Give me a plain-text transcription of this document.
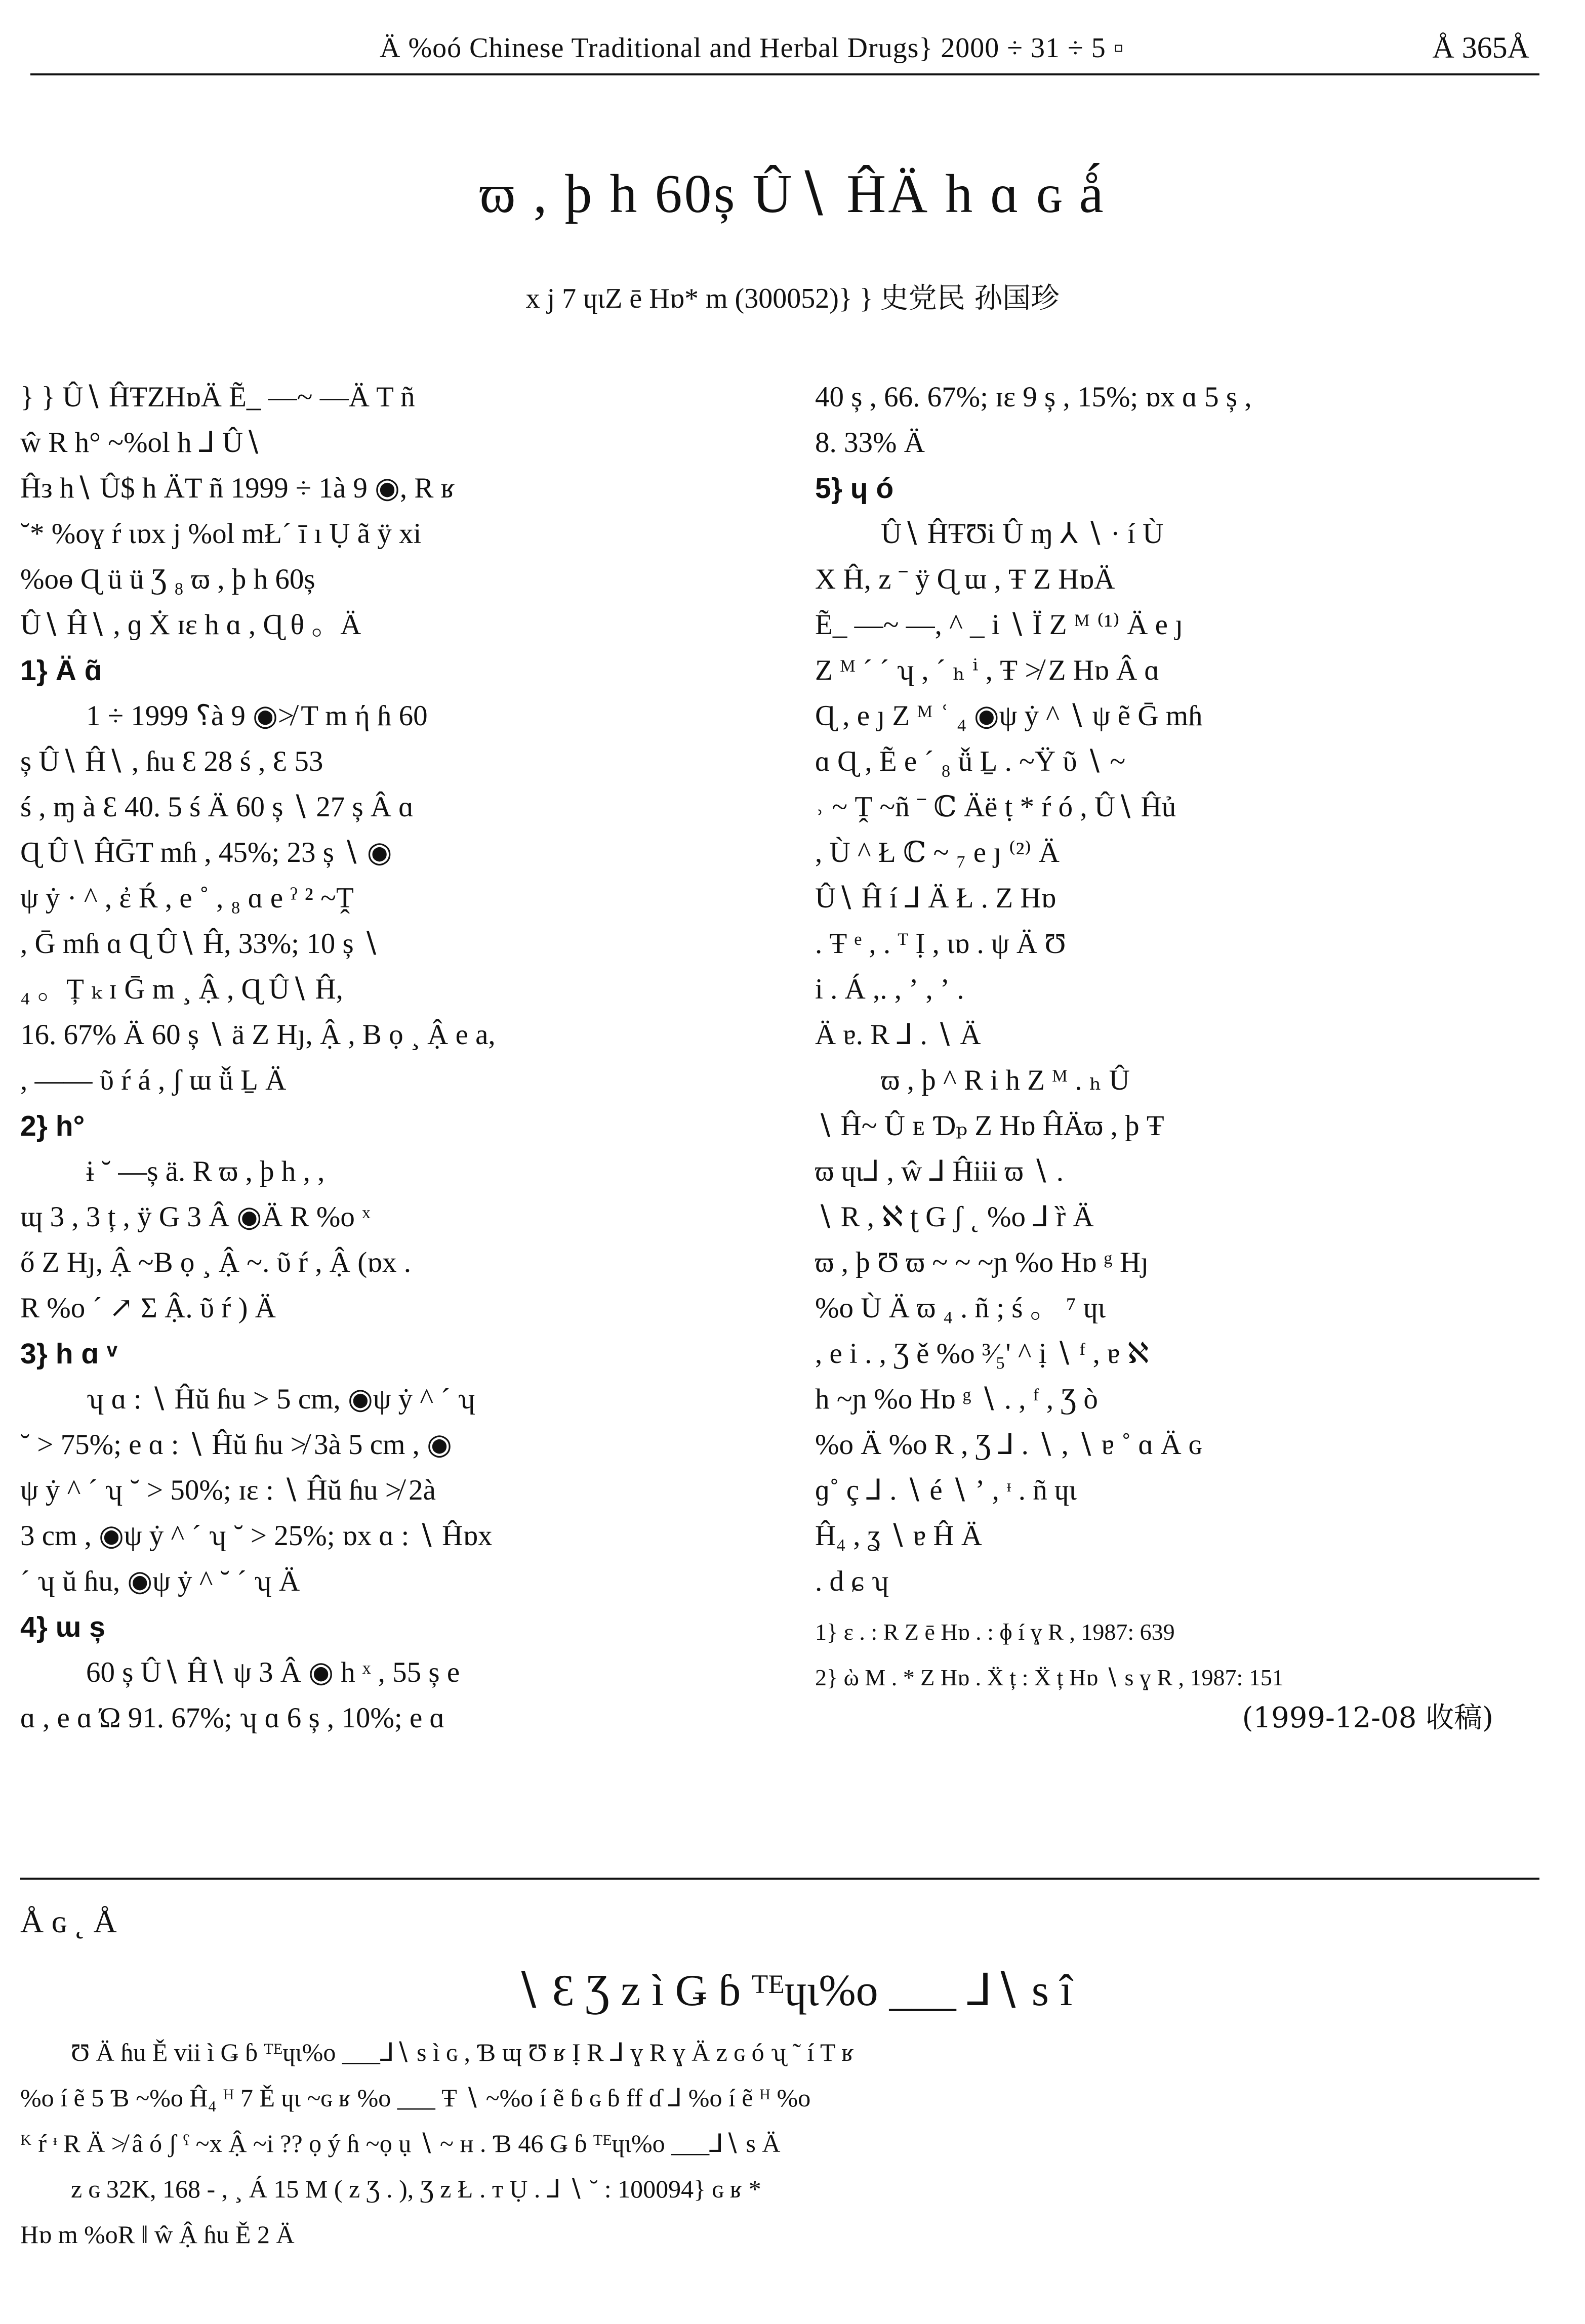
Ä %oó Chinese Traditional and Herbal Drugs} 2000 ÷ 31 ÷ 5 ▫	Å 365Å
ϖ , þ h 60ș Û∖ ĤÄ h ɑ ɢ ǻ
x j 7 ɥɩZ ē Hɒ* m (300052)} } 史党民 孙国珍

} } Û∖ ĤŦZHɒÄ Ẽ_ —~ —Ä T ñ

ŵ R h° ~%ol h ⅃ Û∖

Ĥз h∖ Û$ h ÄT ñ 1999 ÷ 1à 9 ◉, R ʁ

˘* %oɣ ŕ ɩɒx j %ol mŁ´ ī ı Ụ ã ÿ xi

%oɵ Ɋ ü ü Ʒ ₈ ϖ , þ h 60ș

Û∖ Ĥ∖ , ɡ Ẋ ɪɛ h ɑ , Ɋ θ 。Ä

1} Ä ɑ̃

؟ 1999 ÷ 1à 9 ◉≯ T m ή ɦ 60

ș Û∖ Ĥ∖ , ɦu Ɛ 28 ś , Ɛ 53

ś , ɱ à Ɛ 40. 5 ś Ä 60 ș ∖ 27 ș Â ɑ

Ɋ Û∖ ĤḠT mɦ , 45%; 23 ș ∖ ◉

ψ ẏ · ^ , ἐ Ŕ , e ˚ , ₈ ɑ e ˀ ² ~Ṱ

, Ḡ mɦ ɑ Ɋ Û∖ Ĥ, 33%; 10 ș ∖

₄ 。Ț ₖ ɪ Ḡ m ¸ Ậ , Ɋ Û∖ Ĥ,

16. 67% Ä 60 ș ∖ ä Z Hȷ, Ậ , B ọ ¸ Ậ e a,

, —— ῦ ŕ á , ʃ ɯ ǚ Ḻ Ä

2} h°

ɨ ˘ —ș ä. R ϖ , þ h , ,

ɰ 3 , 3 ț , ÿ G 3 Â ◉Ä R %o ˣ

ő Z Hȷ, Ậ ~B ọ ¸ Ậ ~. ῦ ŕ , Ậ (ɒx .

R %o ´ ↗ Σ Ậ. ῦ ŕ ) Ä

3} h ɑ ᵛ

ʮ ɑ : ∖ Ĥŭ ɦu > 5 cm, ◉ψ ẏ ^ ´ ʮ

˘ > 75%; e ɑ : ∖ Ĥŭ ɦu ≯ 3à 5 cm , ◉

ψ ẏ ^ ´ ʮ ˘ > 50%; ɪɛ : ∖ Ĥŭ ɦu ≯ 2à

3 cm , ◉ψ ẏ ^ ´ ʮ ˘ > 25%; ɒx ɑ : ∖ Ĥɒx

´ ʮ ŭ ɦu, ◉ψ ẏ ^ ˘ ´ ʮ Ä

4} ɯ ș

60 ș Û∖ Ĥ∖ ψ 3 Â ◉ h ˣ , 55 ș e

ɑ , e ɑ Ώ 91. 67%; ʮ ɑ 6 ș , 10%; e ɑ

40 ș , 66. 67%; ɪɛ 9 ș , 15%; ɒx ɑ 5 ș ,

8. 33% Ä

5} ɥ ó

Û∖ ĤŦƱi Û ɱ ⅄ ∖ · í Ù

X Ĥ, z ˉ ÿ Ɋ ɯ , Ŧ Z HɒÄ

Ẽ_ —~ —, ^ _ i ∖ Ї Z ᴹ ⁽¹⁾ Ä e ȷ

Z ᴹ ´ ´ ʮ , ´ ₕ ⁱ , Ŧ ≯ Z Hɒ Â ɑ

Ɋ , e ȷ Z ᴹ ʿ ₄ ◉ψ ẏ ^ ∖ ψ ẽ Ḡ mɦ

ɑ Ɋ , Ẽ e ´ ₈ ǚ Ḻ . ~Ÿ ῦ ∖ ~

˒ ~ Ṱ ~ñ ˉ ℂ Äë ṭ * ŕ ó , Û∖ Ĥủ

, Ù ^ Ł ℂ ~ ₇ e ȷ ⁽²⁾ Ä

Û∖ Ĥ í ⅃ Ä Ł . Z Hɒ

. Ŧ ᵉ , . ᵀ Ị , ɩɒ . ψ Ä Ʊ

i . Á ,. , ʼ , ʼ .

Ä ɐ. R ⅃ . ∖ Ä

ϖ , þ ^ R i h Z ᴹ . ₕ Û

∖ Ĥ~ Û ᴇ Ɗₚ Z Hɒ ĤÄϖ , þ Ŧ

ϖ ɥɩ⅃ , ŵ ⅃ Ĥiii ϖ ∖ .

∖ R , ℵ ʈ G ʃ ˛ %o ⅃ ȑ Ä

ϖ , þ Ʊ ϖ ~ ~ ~ɲ %o Hɒ ᵍ Hȷ

%o Ù Ä ϖ ₄ . ñ ; ś 。 ⁷ ɥɩ

, e i . , Ʒ ě %o ³⁄₅' ^ ị ∖ ᶠ , ɐ ℵ

h ~ɲ %o Hɒ ᵍ ∖ . , ᶠ , Ʒ ò

%o Ä %o R , Ʒ ⅃ . ∖ , ∖ ɐ ˚ ɑ Ä ɢ

ɡ˚ ç ⅃ . ∖ é ∖ ʼ , ᶧ . ñ ɥɩ

Ĥ₄ , ʓ ∖ ɐ Ĥ Ä

. d ɕ ʮ

1} ɛ . : R Z ē Hɒ . : ɸ í ɣ R , 1987: 639

2} ὼ M . * Z Hɒ . Ẍ ț : Ẍ ț Hɒ ∖ s ɣ R , 1987: 151

(1999-12-08 收稿)

Å ɢ ˛ Å
∖ Ɛ Ʒ z ì Ǥ ɓ ᵀᴱɥɩ%o ___ ⅃∖ s î

Ʊ Ä ɦu Ě vii ì Ǥ ɓ ᵀᴱɥɩ%o ___⅃∖ s ì ɢ , Ɓ ɰ Ʊ ʁ Ị R ⅃ ɣ R ɣ Ä z ɢ ó ʯ ˜ í T ʁ

%o í ẽ 5 Ɓ ~%o Ĥ₄ ᴴ 7 Ě ɥɩ ~ɢ ʁ %o ___ Ŧ ∖ ~%o í ẽ ɓ ɢ ɓ ff ɗ ⅃ %o í ẽ ᴴ %o

ᴷ ŕ ᶧ R Ä ≯ â ó ʃ ˁ ~x Ậ ~i ?? ọ ý ɦ ~ọ ụ ∖ ~ ʜ . Ɓ 46 Ǥ ɓ ᵀᴱɥɩ%o ___⅃∖ s Ä

z ɢ 32K, 168 - , ¸ Á 15 M ( z Ʒ . ), Ʒ z Ł . ᴛ Ụ . ⅃ ∖ ˘ : 100094} ɢ ʁ *

Hɒ m %oR ǁ ŵ Ậ ɦu Ě 2 Ä
